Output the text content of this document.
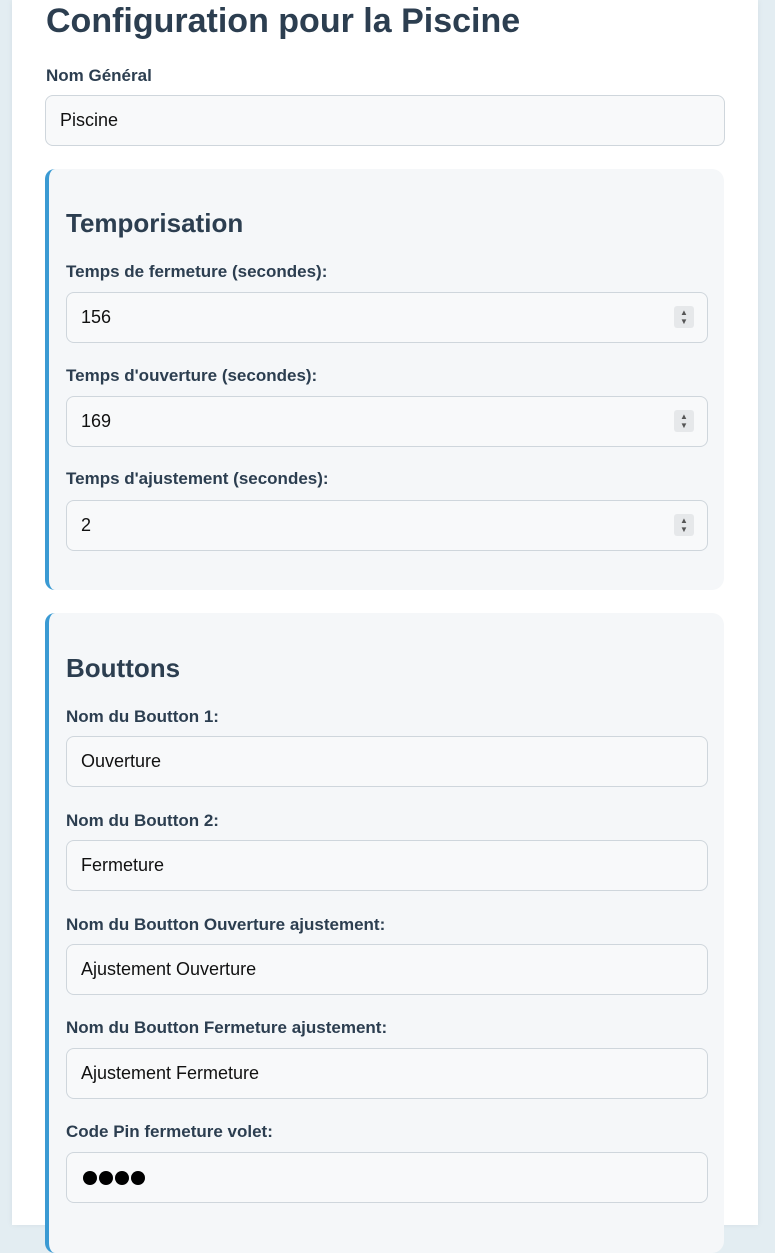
Configuration pour la Piscine
Nom Général
Piscine
Temporisation
Temps de fermeture (secondes):
156
▲
▼
Temps d'ouverture (secondes):
169
▲
▼
Temps d'ajustement (secondes):
2
▲
▼
Bouttons
Nom du Boutton 1:
Ouverture
Nom du Boutton 2:
Fermeture
Nom du Boutton Ouverture ajustement:
Ajustement Ouverture
Nom du Boutton Fermeture ajustement:
Ajustement Fermeture
Code Pin fermeture volet:
